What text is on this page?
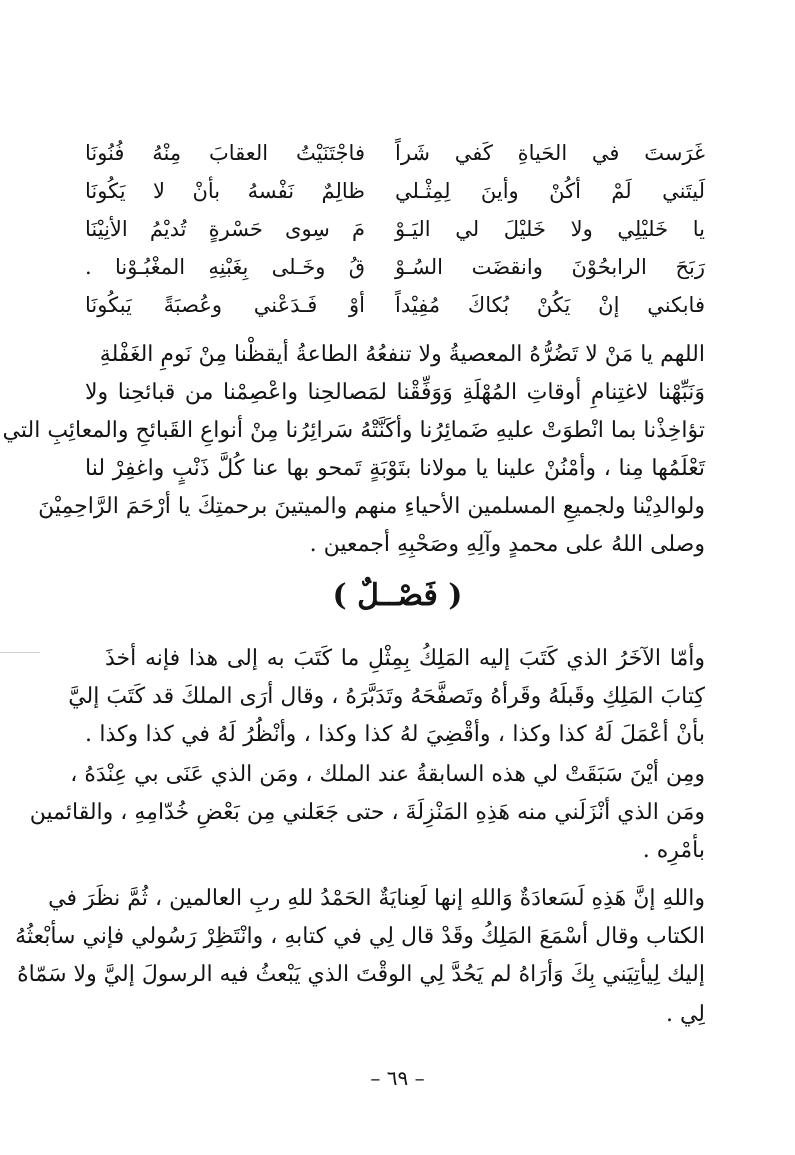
غَرَستَ في الحَياةِ كَفي شَراً
فاجْتَنَيْتُ العقابَ مِنْهُ فُنُونَا
لَيتَني لَمْ أكُنْ وأينَ لِمِثْـلي
ظالِمٌ نَفْسهُ بأنْ لا يَكُونَا
يا خَليْلِي ولا خَليْلَ لي اليَـوْ
مَ سِوى حَسْرةٍ تُديْمُ الأنِيْنَا
رَبَحَ الرابحُوْنَ وانقضَت السُـوْ
قُ وخَـلى بِغَبْنِهِ المغْبُـوْنا .
فابكني إنْ يَكُنْ بُكاكَ مُفِيْداً
أوْ فَـدَعْني وعُصبَةً يَبكُونَا
اللهم يا مَنْ لا تَضُرُّهُ المعصيةُ ولا تنفعُهُ الطاعةُ أيقظْنا مِنْ نَومِ الغَفْلةِ
وَنَبِّهْنا لاغتِنامِ أوقاتِ المُهْلَةِ وَوَفِّقْنا لمَصالحِنا واعْصِمْنا من قبائحِنا ولا
تؤاخِذْنا بما انْطوَتْ عليهِ ضَمائِرُنا وأكَنَّتْهُ سَرائِرُنا مِنْ أنواعِ القَبائحِ والمعائِبِ التي
تَعْلَمُها مِنا ، وأمْنُنْ علينا يا مولانا بتَوْبَةٍ تَمحو بها عنا كُلَّ ذَنْبٍ واغفِرْ لنا
ولوالدِيْنا ولجميعِ المسلمين الأحياءِ منهم والميتينَ برحمتِكَ يا أرْحَمَ الرَّاحِمِيْنَ
وصلى اللهُ على محمدٍ وآلِهِ وصَحْبِهِ أجمعين .
( فَصْــلٌ )
وأمّا الآخَرُ الذي كَتَبَ إليه المَلِكُ بِمِثْلِ ما كَتَبَ به إلى هذا فإنه أخذَ
كِتابَ المَلِكِ وقَبلَهُ وقَرأهُ وتَصفَّحَهُ وتَدَبَّرَهُ ، وقال أرَى الملكَ قد كَتَبَ إليَّ
بأنْ أعْمَلَ لَهُ كذا وكذا ، وأقْضِيَ لهُ كذا وكذا ، وأنْظُرُ لَهُ في كذا وكذا .
ومِن أيْنَ سَبَقَتْ لي هذه السابقةُ عند الملك ، ومَن الذي عَنَى بي عِنْدَهُ ،
ومَن الذي أنْزَلَني منه هَذِهِ المَنْزِلَةَ ، حتى جَعَلني مِن بَعْضِ خُدّامِهِ ، والقائمين
بأمْرِه .
واللهِ إنَّ هَذِهِ لَسَعادَةٌ وَاللهِ إنها لَعِنايَةٌ الحَمْدُ للهِ ربِ العالمين ، ثُمَّ نظَرَ في
الكتاب وقال أسْمَعَ المَلِكُ وقَدْ قال لِي في كتابهِ ، وانْتَظِرْ رَسُولي فإني سأبْعثُهُ
إليك لِيأتِيَني بِكَ وَأرَاهُ لم يَحُدَّ لِي الوقْتَ الذي يَبْعثُ فيه الرسولَ إليَّ ولا سَمّاهُ
لِي .
– ٦٩ –
